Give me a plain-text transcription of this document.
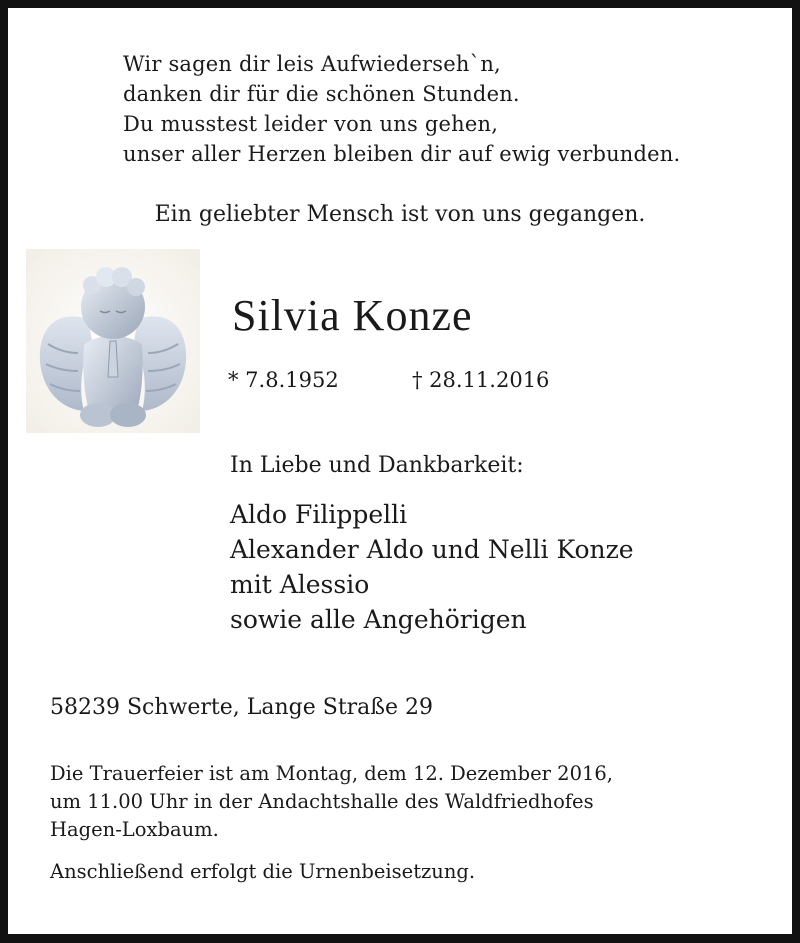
Wir sagen dir leis Aufwiederseh`n,
danken dir für die schönen Stunden.
Du musstest leider von uns gehen,
unser aller Herzen bleiben dir auf ewig verbunden.
Ein geliebter Mensch ist von uns gegangen.
Silvia Konze
* 7.8.1952	† 28.11.2016
In Liebe und Dankbarkeit:
Aldo Filippelli
Alexander Aldo und Nelli Konze
mit Alessio
sowie alle Angehörigen
58239 Schwerte, Lange Straße 29
Die Trauerfeier ist am Montag, dem 12. Dezember 2016,
um 11.00 Uhr in der Andachtshalle des Waldfriedhofes
Hagen-Loxbaum.
Anschließend erfolgt die Urnenbeisetzung.
